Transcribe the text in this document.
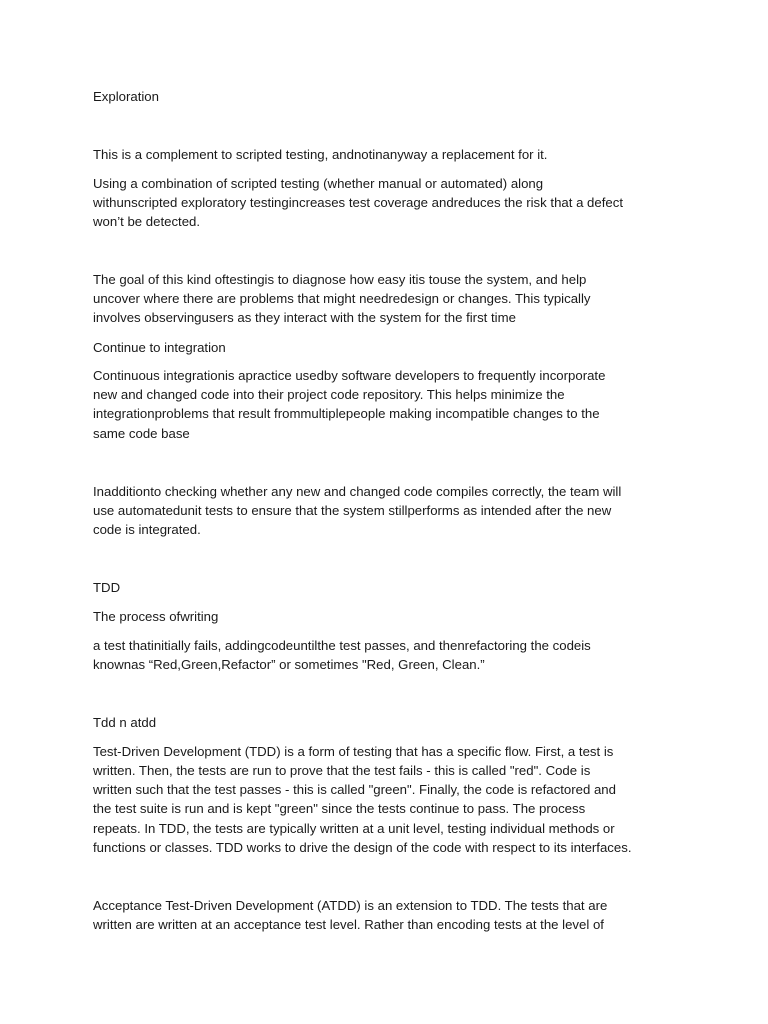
Exploration
This is a complement to scripted testing, andnotinanyway a replacement for it.
Using a combination of scripted testing (whether manual or automated) along
withunscripted exploratory testingincreases test coverage andreduces the risk that a defect
won’t be detected.
The goal of this kind oftestingis to diagnose how easy itis touse the system, and help
uncover where there are problems that might needredesign or changes. This typically
involves observingusers as they interact with the system for the first time
Continue to integration
Continuous integrationis apractice usedby software developers to frequently incorporate
new and changed code into their project code repository. This helps minimize the
integrationproblems that result frommultiplepeople making incompatible changes to the
same code base
Inadditionto checking whether any new and changed code compiles correctly, the team will
use automatedunit tests to ensure that the system stillperforms as intended after the new
code is integrated.
TDD
The process ofwriting
a test thatinitially fails, addingcodeuntilthe test passes, and thenrefactoring the codeis
knownas “Red,Green,Refactor” or sometimes "Red, Green, Clean.”
Tdd n atdd
Test-Driven Development (TDD) is a form of testing that has a specific flow. First, a test is
written. Then, the tests are run to prove that the test fails - this is called "red". Code is
written such that the test passes - this is called "green". Finally, the code is refactored and
the test suite is run and is kept "green" since the tests continue to pass. The process
repeats. In TDD, the tests are typically written at a unit level, testing individual methods or
functions or classes. TDD works to drive the design of the code with respect to its interfaces.
Acceptance Test-Driven Development (ATDD) is an extension to TDD. The tests that are
written are written at an acceptance test level. Rather than encoding tests at the level of
